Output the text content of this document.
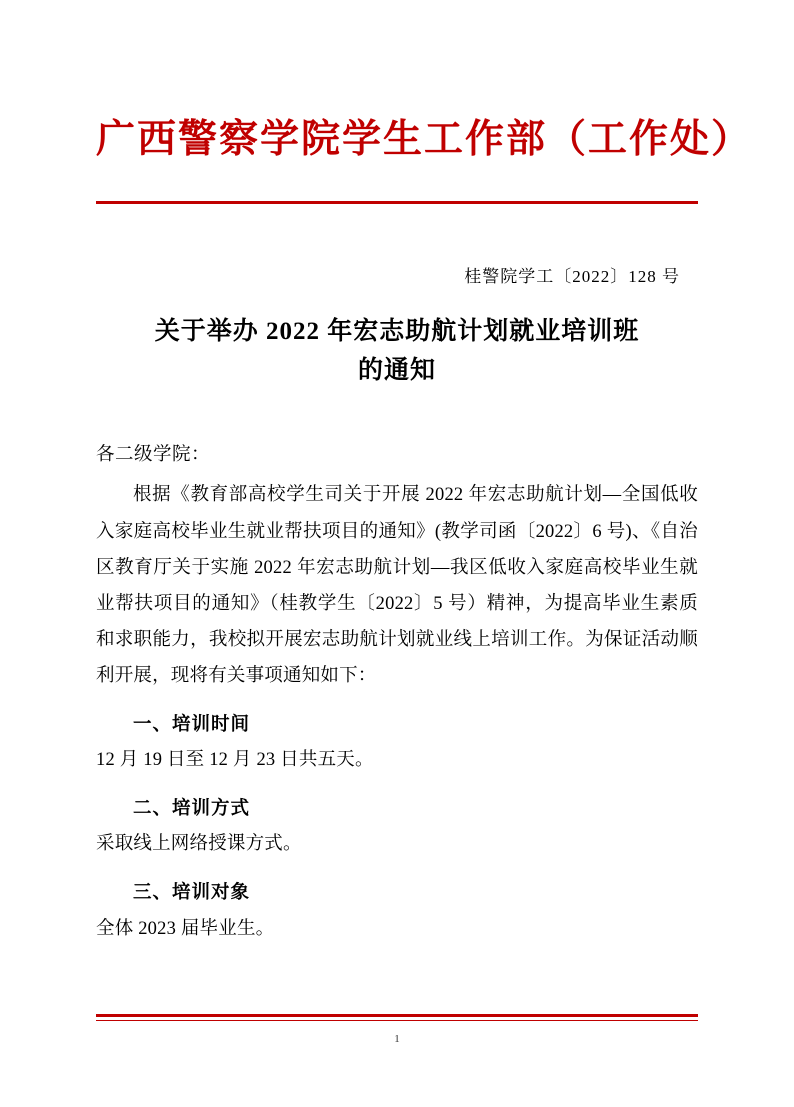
广西警察学院学生工作部（工作处）
桂警院学工〔2022〕128 号
关于举办 2022 年宏志助航计划就业培训班
的通知
各二级学院：
根据《教育部高校学生司关于开展 2022 年宏志助航计划—全国低收入家庭高校毕业生就业帮扶项目的通知》(教学司函〔2022〕6 号)、《自治区教育厅关于实施 2022 年宏志助航计划—我区低收入家庭高校毕业生就业帮扶项目的通知》（桂教学生〔2022〕5 号）精神，为提高毕业生素质和求职能力，我校拟开展宏志助航计划就业线上培训工作。为保证活动顺利开展，现将有关事项通知如下：
一、培训时间
12 月 19 日至 12 月 23 日共五天。
二、培训方式
采取线上网络授课方式。
三、培训对象
全体 2023 届毕业生。
1
